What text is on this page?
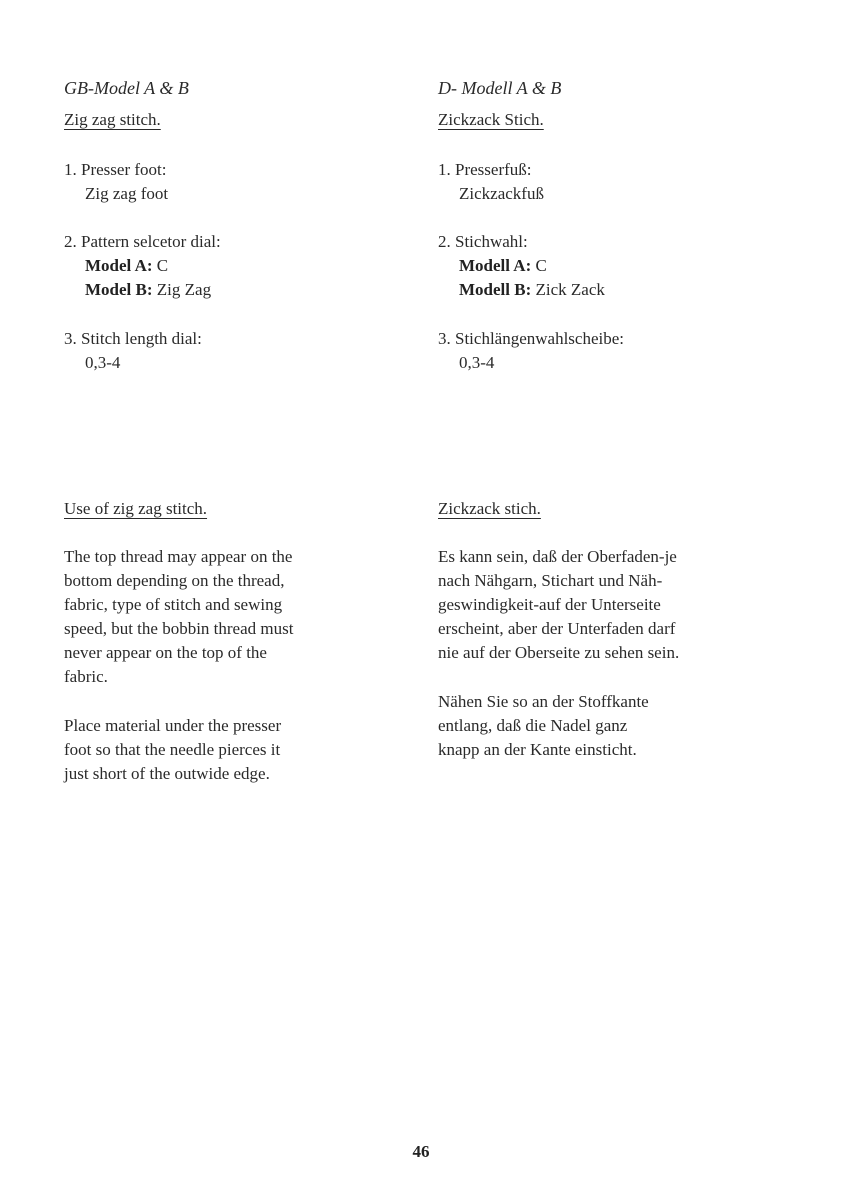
GB-Model A & B
Zig zag stitch.
1. Presser foot:
Zig zag foot
2. Pattern selcetor dial:
Model A: C
Model B: Zig Zag
3. Stitch length dial:
0,3-4
Use of zig zag stitch.
The top thread may appear on the
bottom depending on the thread,
fabric, type of stitch and sewing
speed, but the bobbin thread must
never appear on the top of the
fabric.
Place material under the presser
foot so that the needle pierces it
just short of the outwide edge.
D- Modell A & B
Zickzack Stich.
1. Presserfuß:
Zickzackfuß
2. Stichwahl:
Modell A: C
Modell B: Zick Zack
3. Stichlängenwahlscheibe:
0,3-4
Zickzack stich.
Es kann sein, daß der Oberfaden-je
nach Nähgarn, Stichart und Näh-
geswindigkeit-auf der Unterseite
erscheint, aber der Unterfaden darf
nie auf der Oberseite zu sehen sein.
Nähen Sie so an der Stoffkante
entlang, daß die Nadel ganz
knapp an der Kante einsticht.
46
